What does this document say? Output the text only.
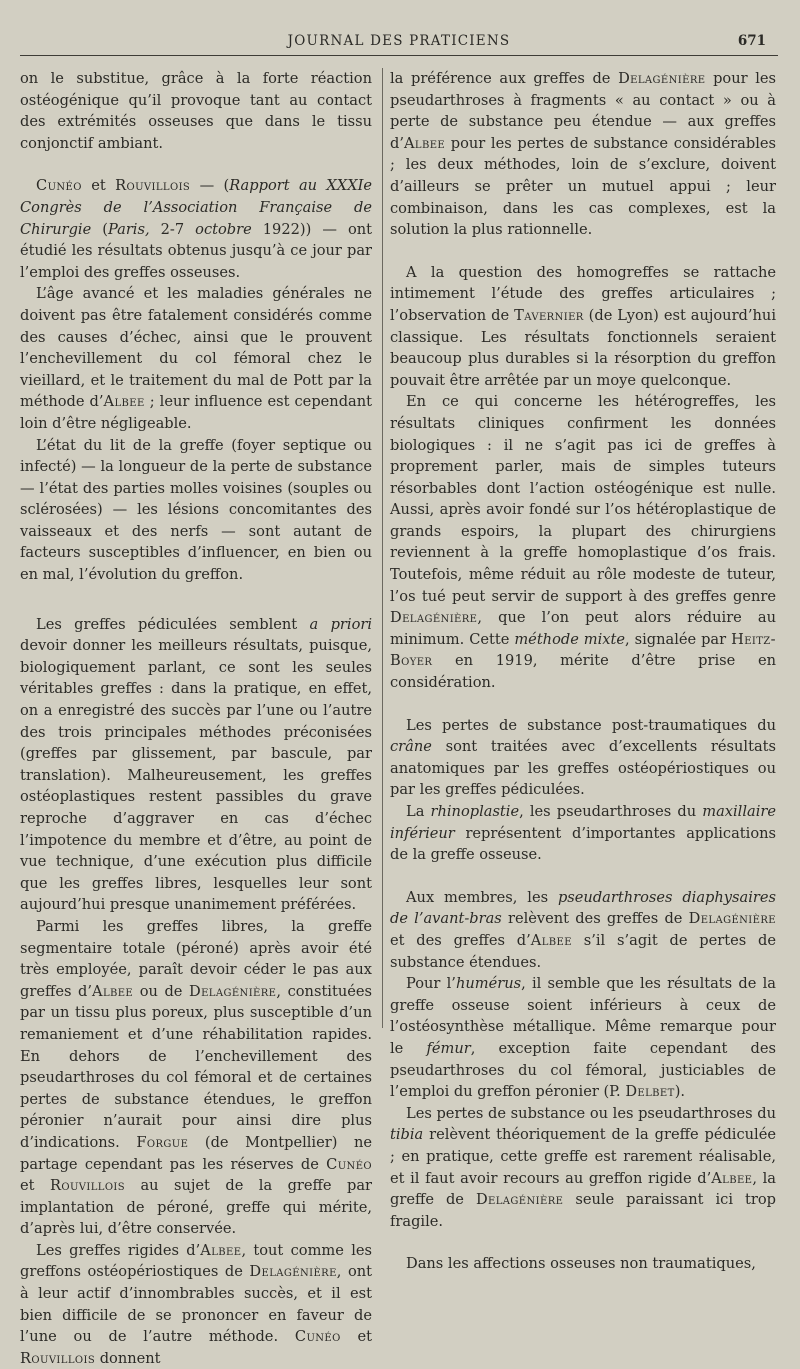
JOURNAL DES PRATICIENS	671

on le substitue, grâce à la forte réaction ostéogénique qu’il provoque tant au contact des extrémités osseuses que dans le tissu conjonctif ambiant.

Cunéo et Rouvillois — (Rapport au XXXIe Congrès de l’Association Française de Chirurgie (Paris, 2-7 octobre 1922)) — ont étudié les résultats obtenus jusqu’à ce jour par l’emploi des greffes osseuses.

L’âge avancé et les maladies générales ne doivent pas être fatalement considérés comme des causes d’échec, ainsi que le prouvent l’enchevillement du col fémoral chez le vieillard, et le traitement du mal de Pott par la méthode d’Albee ; leur influence est cependant loin d’être négligeable.

L’état du lit de la greffe (foyer septique ou infecté) — la longueur de la perte de substance — l’état des parties molles voisines (souples ou sclérosées) — les lésions concomitantes des vaisseaux et des nerfs — sont autant de facteurs susceptibles d’influencer, en bien ou en mal, l’évolution du greffon.

Les greffes pédiculées semblent a priori devoir donner les meilleurs résultats, puisque, biologiquement parlant, ce sont les seules véritables greffes : dans la pratique, en effet, on a enregistré des succès par l’une ou l’autre des trois principales méthodes préconisées (greffes par glissement, par bascule, par translation). Malheureusement, les greffes ostéoplastiques restent passibles du grave reproche d’aggraver en cas d’échec l’impotence du membre et d’être, au point de vue technique, d’une exécution plus difficile que les greffes libres, lesquelles leur sont aujourd’hui presque unanimement préférées.

Parmi les greffes libres, la greffe segmentaire totale (péroné) après avoir été très employée, paraît devoir céder le pas aux greffes d’Albee ou de Delagénière, constituées par un tissu plus poreux, plus susceptible d’un remaniement et d’une réhabilitation rapides. En dehors de l’enchevillement des pseudarthroses du col fémoral et de certaines pertes de substance étendues, le greffon péronier n’aurait pour ainsi dire plus d’indications. Forgue (de Montpellier) ne partage cependant pas les réserves de Cunéo et Rouvillois au sujet de la greffe par implantation de péroné, greffe qui mérite, d’après lui, d’être conservée.

Les greffes rigides d’Albee, tout comme les greffons ostéopériostiques de Delagénière, ont à leur actif d’innombrables succès, et il est bien difficile de se prononcer en faveur de l’une ou de l’autre méthode. Cunéo et Rouvillois donnent

la préférence aux greffes de Delagénière pour les pseudarthroses à fragments « au contact » ou à perte de substance peu étendue — aux greffes d’Albee pour les pertes de substance considérables ; les deux méthodes, loin de s’exclure, doivent d’ailleurs se prêter un mutuel appui ; leur combinaison, dans les cas complexes, est la solution la plus rationnelle.

A la question des homogreffes se rattache intimement l’étude des greffes articulaires ; l’observation de Tavernier (de Lyon) est aujourd’hui classique. Les résultats fonctionnels seraient beaucoup plus durables si la résorption du greffon pouvait être arrêtée par un moye quelconque.

En ce qui concerne les hétérogreffes, les résultats cliniques confirment les données biologiques : il ne s’agit pas ici de greffes à proprement parler, mais de simples tuteurs résorbables dont l’action ostéogénique est nulle. Aussi, après avoir fondé sur l’os hétéroplastique de grands espoirs, la plupart des chirurgiens reviennent à la greffe homoplastique d’os frais. Toutefois, même réduit au rôle modeste de tuteur, l’os tué peut servir de support à des greffes genre Delagénière, que l’on peut alors réduire au minimum. Cette méthode mixte, signalée par Heitz-Boyer en 1919, mérite d’être prise en considération.

Les pertes de substance post-traumatiques du crâne sont traitées avec d’excellents résultats anatomiques par les greffes ostéopériostiques ou par les greffes pédiculées.

La rhinoplastie, les pseudarthroses du maxillaire inférieur représentent d’importantes applications de la greffe osseuse.

Aux membres, les pseudarthroses diaphysaires de l’avant-bras relèvent des greffes de Delagénière et des greffes d’Albee s’il s’agit de pertes de substance étendues.

Pour l’humérus, il semble que les résultats de la greffe osseuse soient inférieurs à ceux de l’ostéosynthèse métallique. Même remarque pour le fémur, exception faite cependant des pseudarthroses du col fémoral, justiciables de l’emploi du greffon péronier (P. Delbet).

Les pertes de substance ou les pseudarthroses du tibia relèvent théoriquement de la greffe pédiculée ; en pratique, cette greffe est rarement réalisable, et il faut avoir recours au greffon rigide d’Albee, la greffe de Delagénière seule paraissant ici trop fragile.

Dans les affections osseuses non traumatiques,
